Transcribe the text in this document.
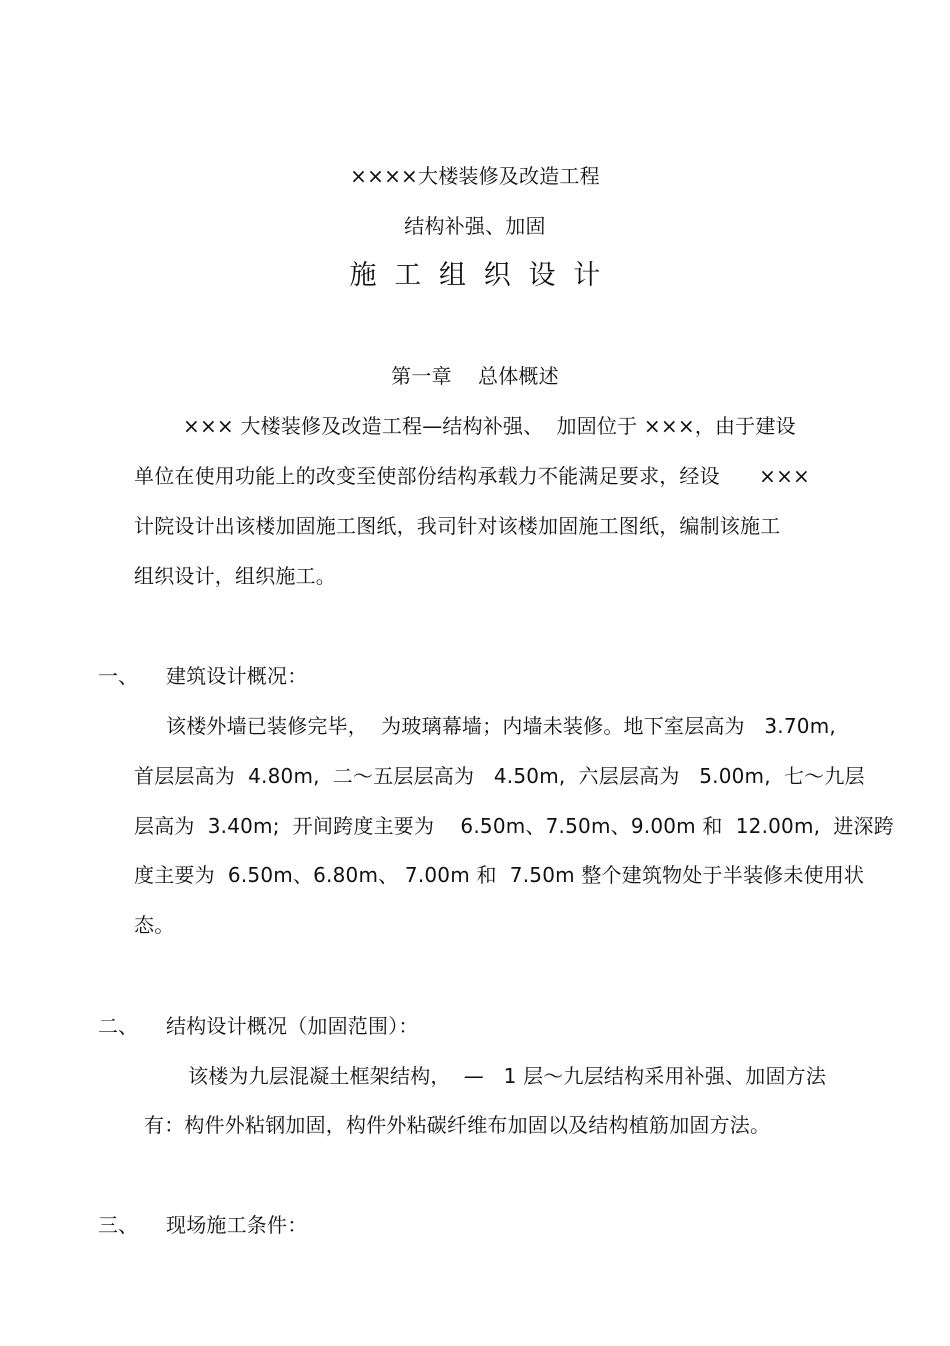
××××大楼装修及改造工程
结构补强、加固
施  工  组  织  设  计
第一章    总体概述
××× 大楼装修及改造工程—结构补强、  加固位于 ×××，由于建设
单位在使用功能上的改变至使部份结构承载力不能满足要求，经设      ×××
计院设计出该楼加固施工图纸，我司针对该楼加固施工图纸，编制该施工
组织设计，组织施工。
一、 建筑设计概况：
该楼外墙已装修完毕，  为玻璃幕墙；内墙未装修。地下室层高为   3.70m,
首层层高为  4.80m,  二～五层层高为   4.50m,  六层层高为   5.00m,  七～九层
层高为  3.40m;  开间跨度主要为    6.50m、7.50m、9.00m 和  12.00m,  进深跨
度主要为  6.50m、6.80m、 7.00m 和  7.50m 整个建筑物处于半装修未使用状
态。
二、 结构设计概况（加固范围）：
该楼为九层混凝土框架结构，  —   1 层～九层结构采用补强、加固方法
有：构件外粘钢加固，构件外粘碳纤维布加固以及结构植筋加固方法。
三、 现场施工条件：
